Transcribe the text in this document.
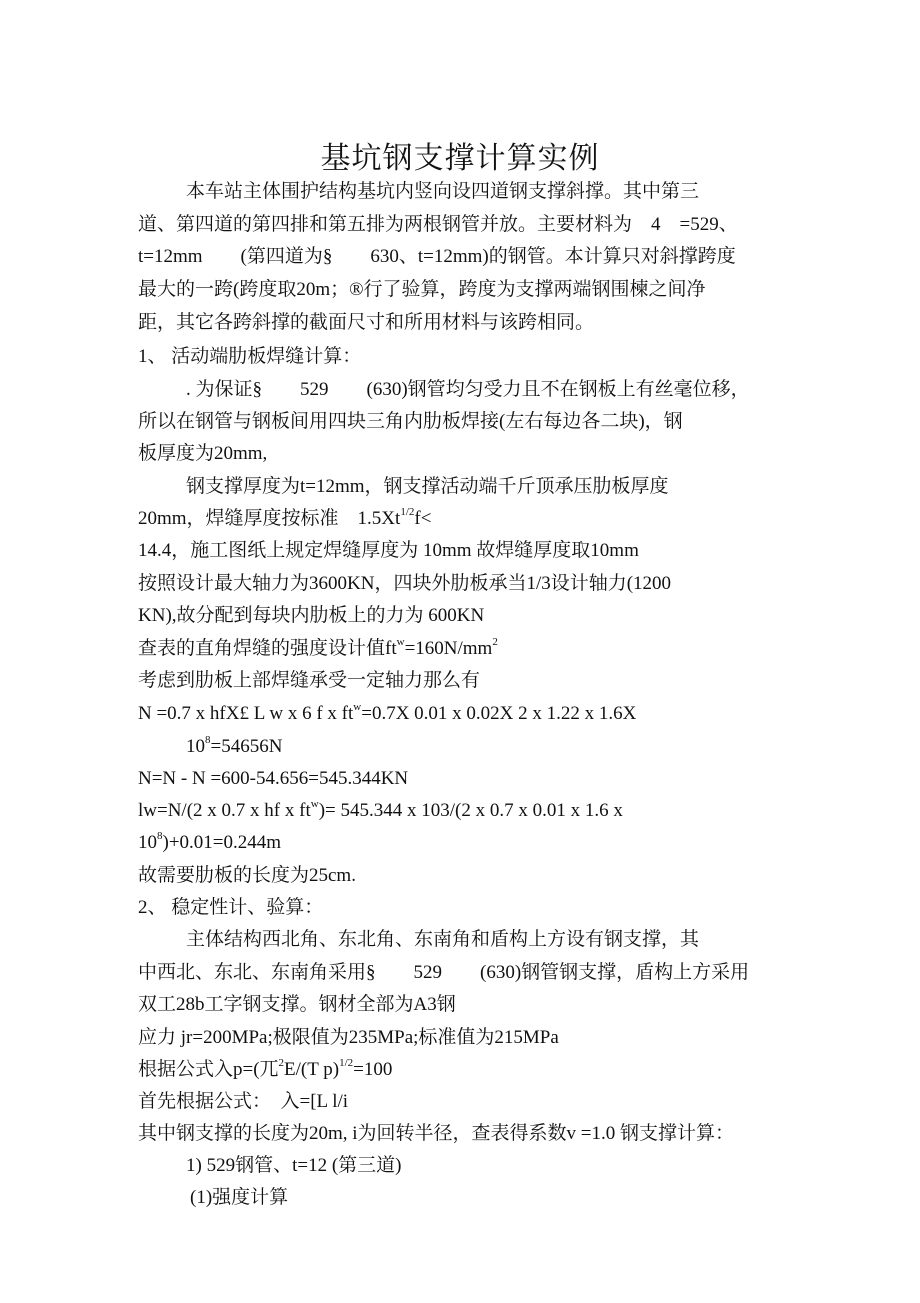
基坑钢支撑计算实例
本车站主体围护结构基坑内竖向设四道钢支撑斜撑。其中第三
道、第四道的第四排和第五排为两根钢管并放。主要材料为　4　=529、
t=12mm　　(第四道为§　　630、t=12mm)的钢管。本计算只对斜撑跨度
最大的一跨(跨度取20m；®行了验算，跨度为支撑两端钢围楝之间净
距，其它各跨斜撑的截面尺寸和所用材料与该跨相同。
1、 活动端肋板焊缝计算：
. 为保证§　　529　　(630)钢管均匀受力且不在钢板上有丝毫位移，
所以在钢管与钢板间用四块三角内肋板焊接(左右每边各二块)，钢
板厚度为20mm,
钢支撑厚度为t=12mm，钢支撑活动端千斤顶承压肋板厚度
20mm，焊缝厚度按标准　$1.5Xt^{1/2}f<$
14.4，施工图纸上规定焊缝厚度为 10mm 故焊缝厚度取10mm
按照设计最大轴力为3600KN，四块外肋板承当1/3设计轴力(1200
KN),故分配到每块内肋板上的力为 600KN
查表的直角焊缝的强度设计值$ft^w=160N/mm^2$
考虑到肋板上部焊缝承受一定轴力那么有
N =0.7 x hfX£ L w x 6 f x $ft^w=0.7X$ 0.01 x 0.02X 2 x 1.22 x 1.6X
$10^8=54656N$
N=N - N =600-54.656=545.344KN
lw=N/(2 x 0.7 x hf x $ft^w)= 545.344$ x 103/(2 x 0.7 x 0.01 x 1.6 x
$10^8)+0.01=0.244m$
故需要肋板的长度为25cm.
2、 稳定性计、验算：
主体结构西北角、东北角、东南角和盾构上方设有钢支撑，其
中西北、东北、东南角采用§　　529　　(630)钢管钢支撑，盾构上方采用
双工28b工字钢支撑。钢材全部为A3钢
应力 jr=200MPa;极限值为235MPa;标准值为215MPa
根据公式入p=(兀$^2$E/(T p)$^{1/2}$=100
首先根据公式：　入=[L l/i
其中钢支撑的长度为20m, i为回转半径，查表得系数v =1.0 钢支撑计算：
1) 529钢管、t=12 (第三道)
(1)强度计算
